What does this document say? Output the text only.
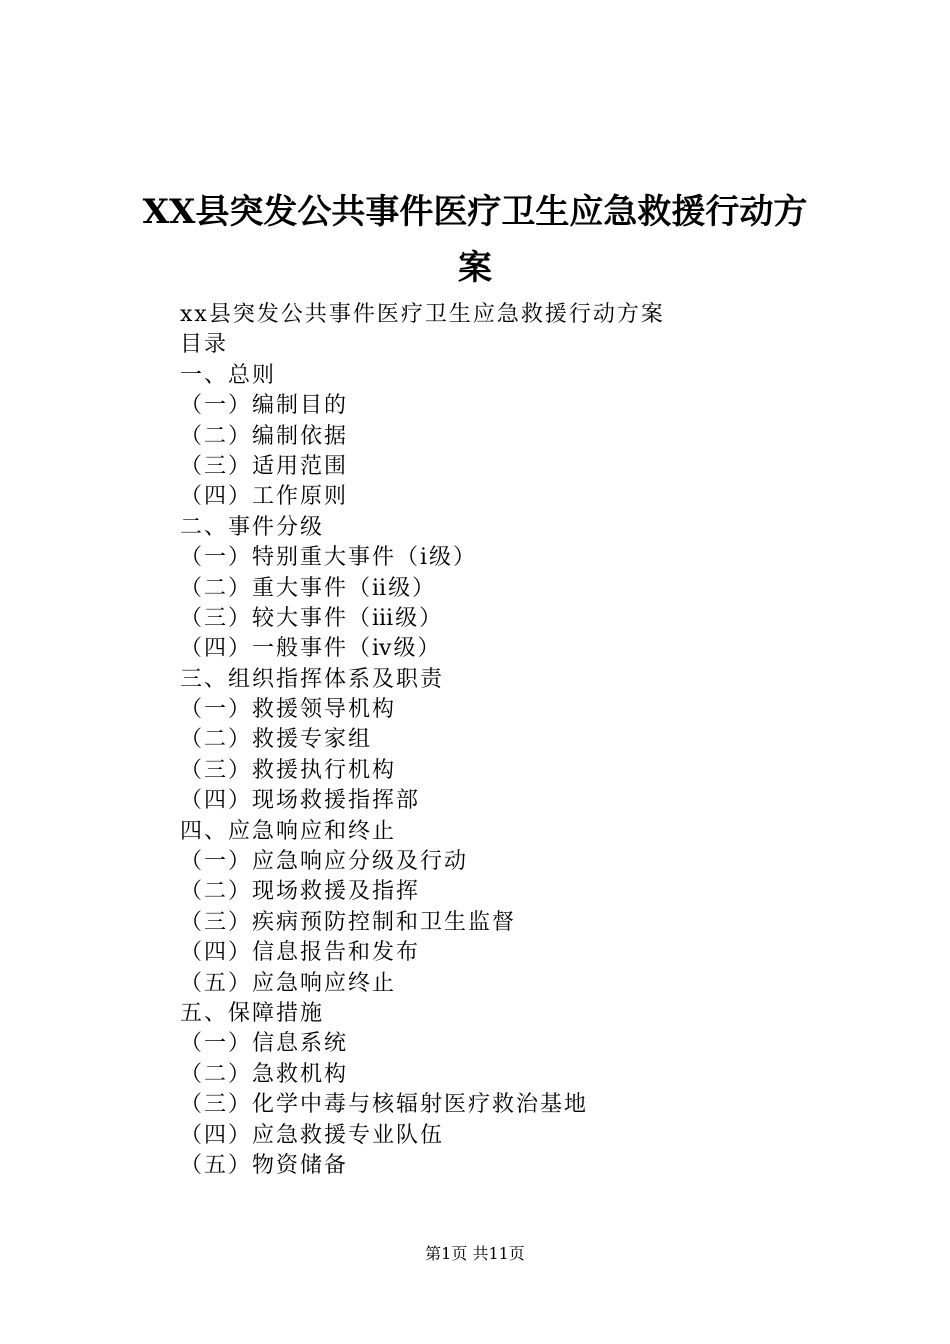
XX县突发公共事件医疗卫生应急救援行动方
案
xx县突发公共事件医疗卫生应急救援行动方案
目录
一、总则
（一）编制目的
（二）编制依据
（三）适用范围
（四）工作原则
二、事件分级
（一）特别重大事件（ⅰ级）
（二）重大事件（ⅱ级）
（三）较大事件（ⅲ级）
（四）一般事件（ⅳ级）
三、组织指挥体系及职责
（一）救援领导机构
（二）救援专家组
（三）救援执行机构
（四）现场救援指挥部
四、应急响应和终止
（一）应急响应分级及行动
（二）现场救援及指挥
（三）疾病预防控制和卫生监督
（四）信息报告和发布
（五）应急响应终止
五、保障措施
（一）信息系统
（二）急救机构
（三）化学中毒与核辐射医疗救治基地
（四）应急救援专业队伍
（五）物资储备
第1页 共11页
